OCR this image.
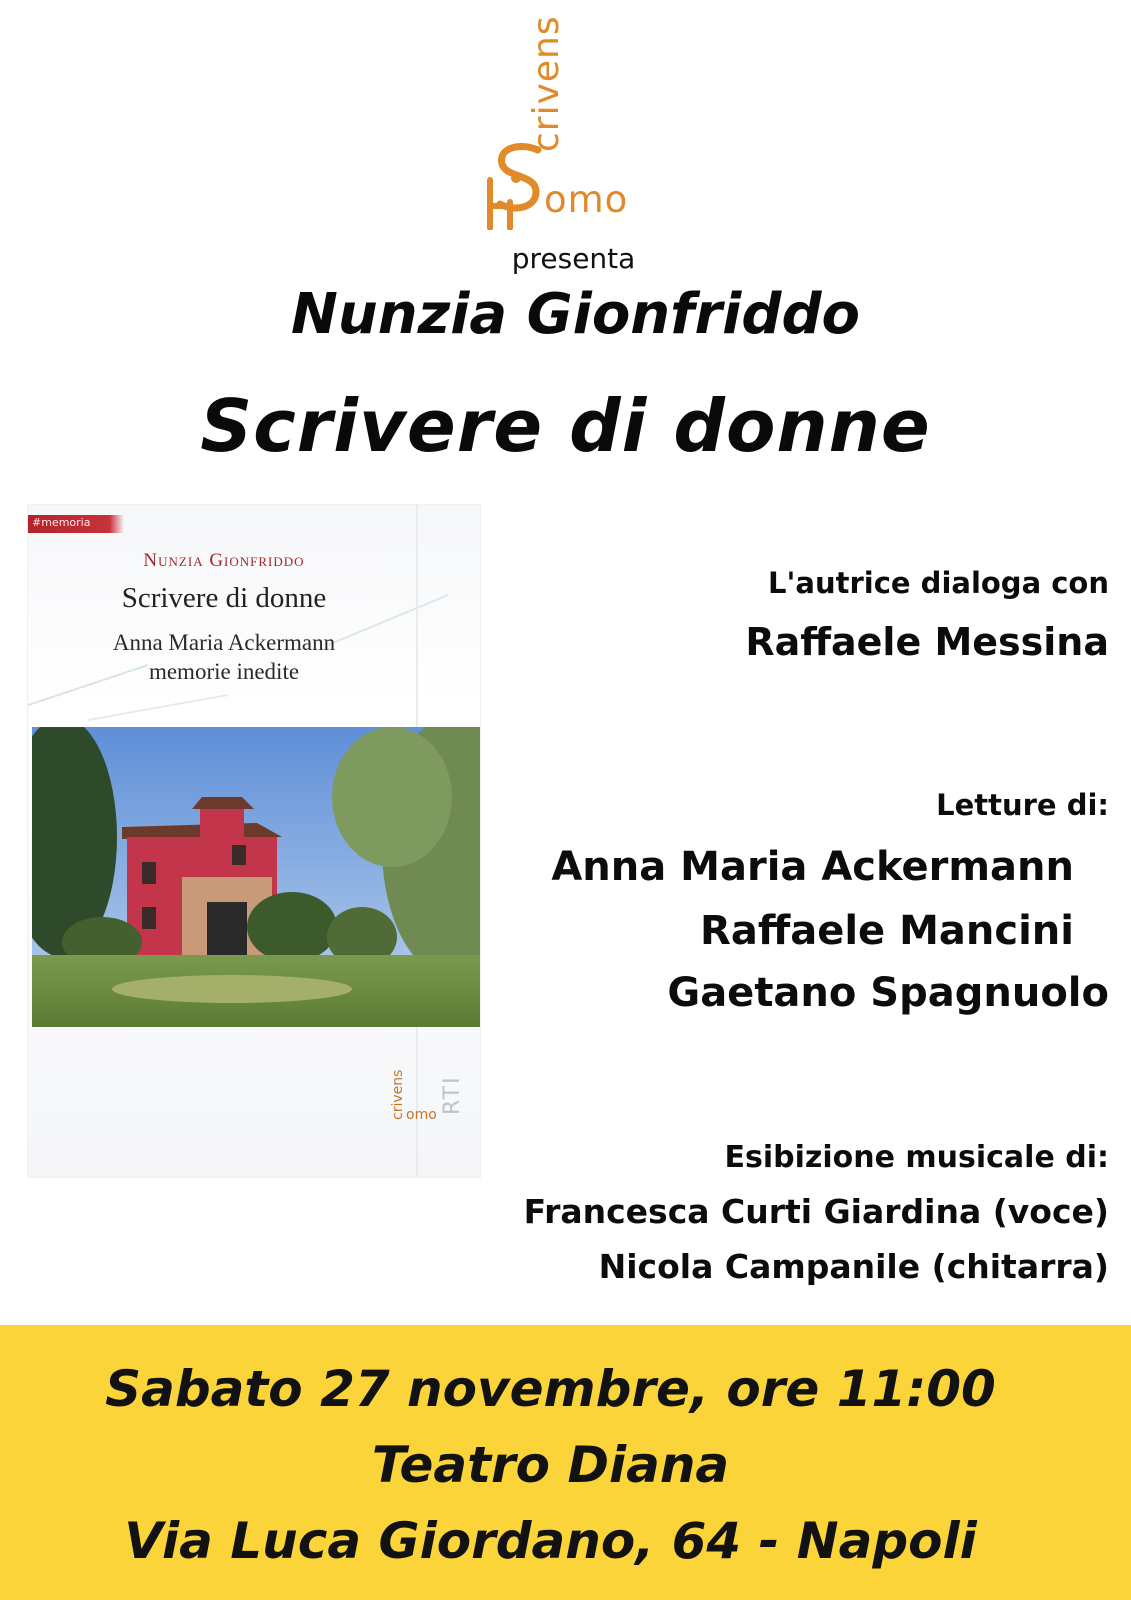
crivens
omo
presenta
Nunzia Gionfriddo
Scrivere di donne
#memoria
Nunzia Gionfriddo
Scrivere di donne
Anna Maria Ackermann
memorie inedite
crivens omo RTI
L'autrice dialoga con
Raffaele Messina
Letture di:
Anna Maria Ackermann
Raffaele Mancini
Gaetano Spagnuolo
Esibizione musicale di:
Francesca Curti Giardina (voce)
Nicola Campanile (chitarra)
Sabato 27 novembre, ore 11:00
Teatro Diana
Via Luca Giordano, 64 - Napoli
